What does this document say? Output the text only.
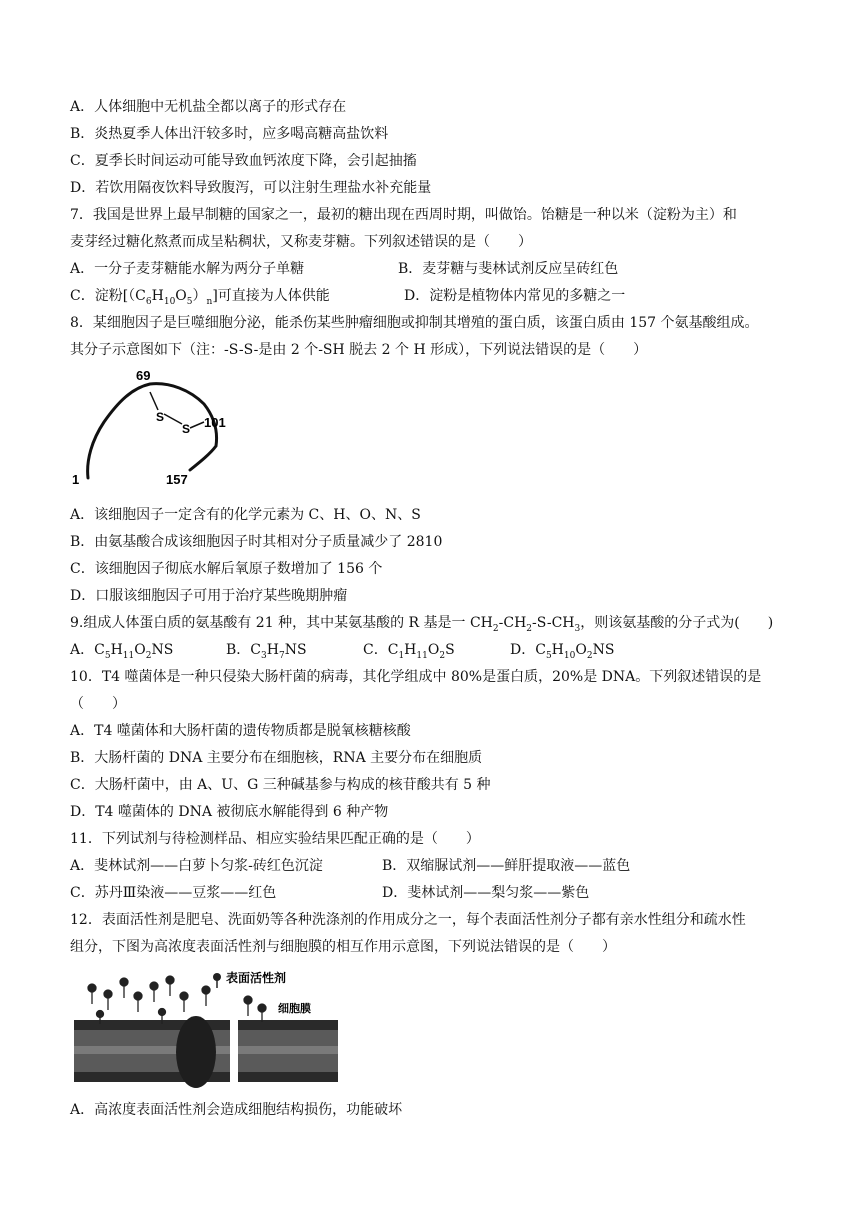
A．人体细胞中无机盐全都以离子的形式存在
B．炎热夏季人体出汗较多时，应多喝高糖高盐饮料
C．夏季长时间运动可能导致血钙浓度下降，会引起抽搐
D．若饮用隔夜饮料导致腹泻，可以注射生理盐水补充能量
7．我国是世界上最早制糖的国家之一，最初的糖出现在西周时期，叫做饴。饴糖是一种以米（淀粉为主）和
麦芽经过糖化熬煮而成呈粘稠状，又称麦芽糖。下列叙述错误的是（　　）
A．一分子麦芽糖能水解为两分子单糖	B．麦芽糖与斐林试剂反应呈砖红色
C．淀粉$[(C_6H_{10}O_5)_n]$可直接为人体供能	D．淀粉是植物体内常见的多糖之一
8．某细胞因子是巨噬细胞分泌，能杀伤某些肿瘤细胞或抑制其增殖的蛋白质，该蛋白质由 157 个氨基酸组成。
其分子示意图如下（注：-S-S-是由 2 个-SH 脱去 2 个 H 形成），下列说法错误的是（　　）
69
S
S 101
1	157
A．该细胞因子一定含有的化学元素为 C、H、O、N、S
B．由氨基酸合成该细胞因子时其相对分子质量减少了 2810
C．该细胞因子彻底水解后氧原子数增加了 156 个
D．口服该细胞因子可用于治疗某些晚期肿瘤
9.组成人体蛋白质的氨基酸有 21 种，其中某氨基酸的 R 基是一 $CH_2-CH_2-S-CH_3$，则该氨基酸的分子式为(　　)
A．$C_5H_{11}O_2NS$	B．$C_3H_7NS$	C．$C_1H_{11}O_2S$	D．$C_5H_{10}O_2NS$
10．T4 噬菌体是一种只侵染大肠杆菌的病毒，其化学组成中 80%是蛋白质，20%是 DNA。下列叙述错误的是
（　　）
A．T4 噬菌体和大肠杆菌的遗传物质都是脱氧核糖核酸
B．大肠杆菌的 DNA 主要分布在细胞核，RNA 主要分布在细胞质
C．大肠杆菌中，由 A、U、G 三种碱基参与构成的核苷酸共有 5 种
D．T4 噬菌体的 DNA 被彻底水解能得到 6 种产物
11．下列试剂与待检测样品、相应实验结果匹配正确的是（　　）
A．斐林试剂——白萝卜匀浆-砖红色沉淀	B．双缩脲试剂——鲜肝提取液——蓝色
C．苏丹Ⅲ染液——豆浆——红色	D．斐林试剂——梨匀浆——紫色
12．表面活性剂是肥皂、洗面奶等各种洗涤剂的作用成分之一，每个表面活性剂分子都有亲水性组分和疏水性
组分，下图为高浓度表面活性剂与细胞膜的相互作用示意图，下列说法错误的是（　　）
表面活性剂
细胞膜
A．高浓度表面活性剂会造成细胞结构损伤，功能破坏
